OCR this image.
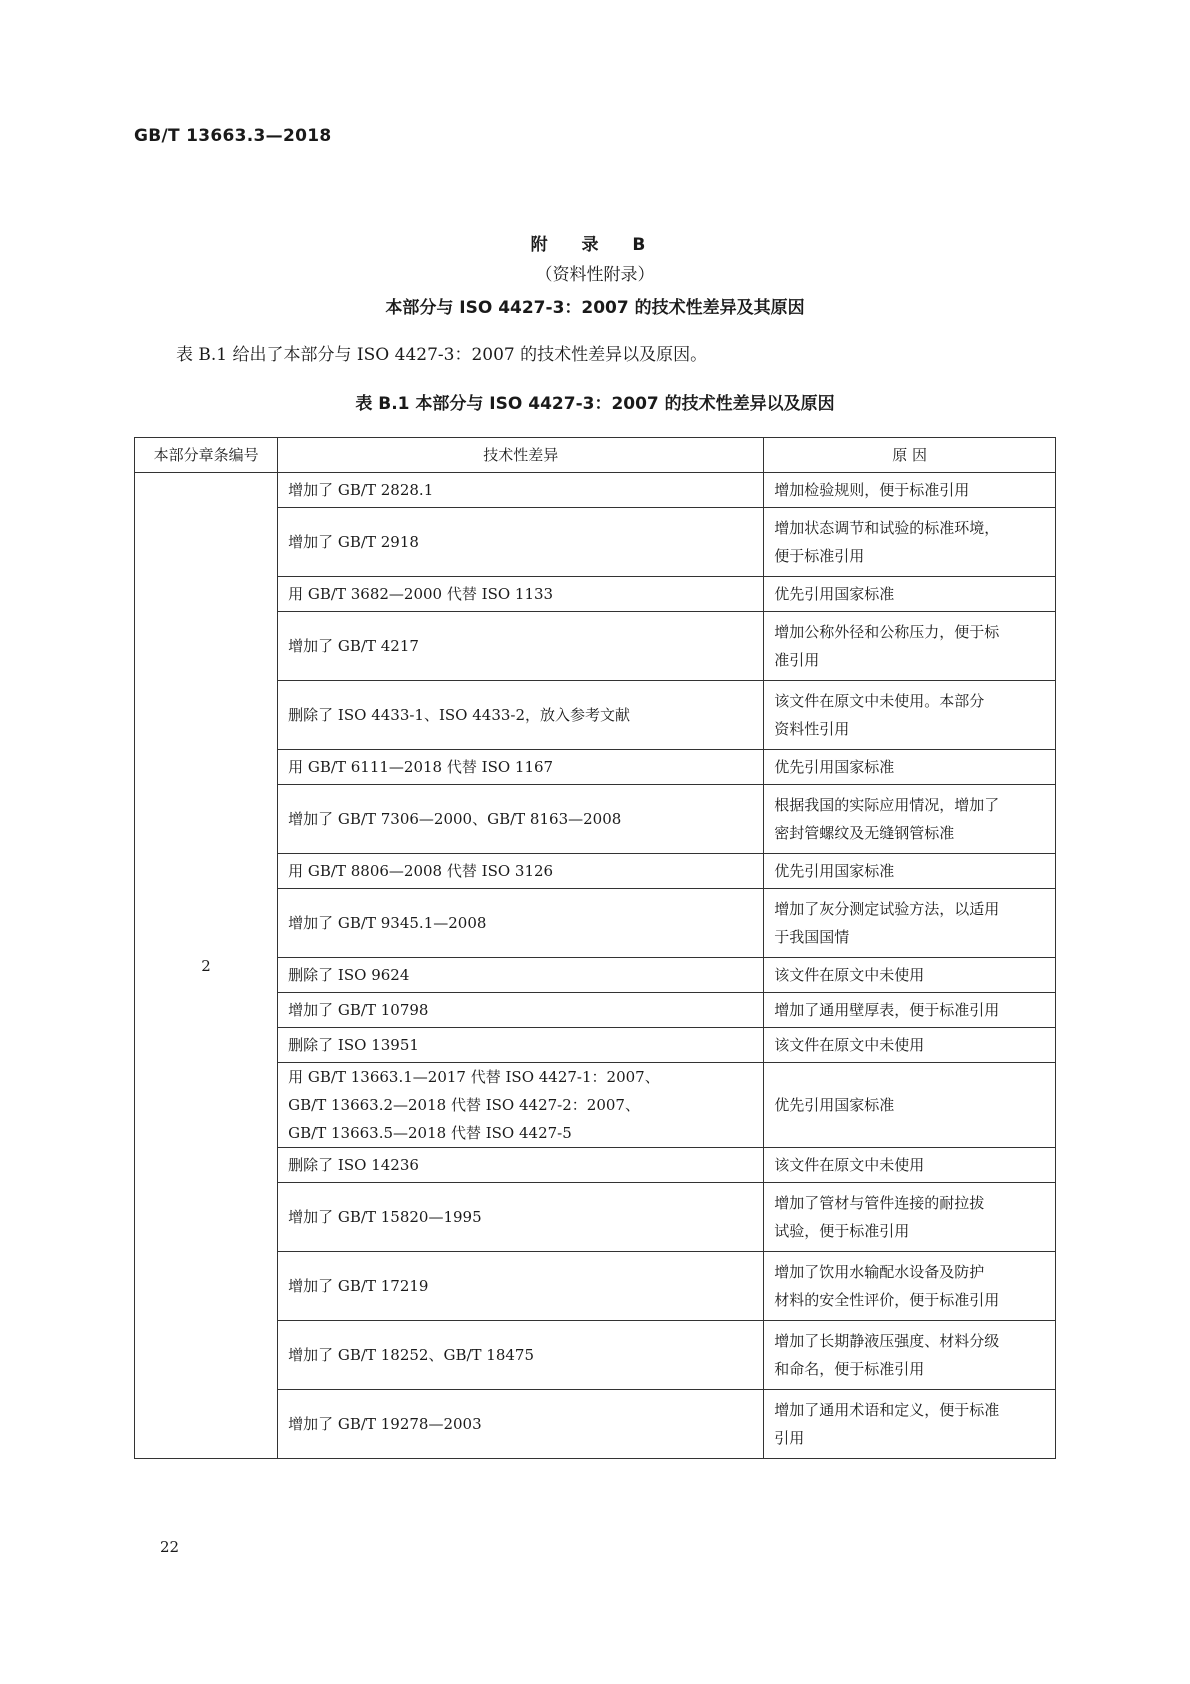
GB/T 13663.3—2018
附 录 B
（资料性附录）
本部分与 ISO 4427-3：2007 的技术性差异及其原因
表 B.1 给出了本部分与 ISO 4427-3：2007 的技术性差异以及原因。
表 B.1 本部分与 ISO 4427-3：2007 的技术性差异以及原因
本部分章条编号	技术性差异	原 因
2	增加了 GB/T 2828.1	增加检验规则，便于标准引用

	增加了 GB/T 2918	增加状态调节和试验的标准环境，
便于标准引用

	用 GB/T 3682—2000 代替 ISO 1133	优先引用国家标准

	增加了 GB/T 4217	增加公称外径和公称压力，便于标
准引用

	删除了 ISO 4433-1、ISO 4433-2，放入参考文献	该文件在原文中未使用。本部分
资料性引用

	用 GB/T 6111—2018 代替 ISO 1167	优先引用国家标准

	增加了 GB/T 7306—2000、GB/T 8163—2008	根据我国的实际应用情况，增加了
密封管螺纹及无缝钢管标准

	用 GB/T 8806—2008 代替 ISO 3126	优先引用国家标准

	增加了 GB/T 9345.1—2008	增加了灰分测定试验方法，以适用
于我国国情

	删除了 ISO 9624	该文件在原文中未使用

	增加了 GB/T 10798	增加了通用壁厚表，便于标准引用

	删除了 ISO 13951	该文件在原文中未使用

	用 GB/T 13663.1—2017 代替 ISO 4427-1：2007、
GB/T 13663.2—2018 代替 ISO 4427-2：2007、
GB/T 13663.5—2018 代替 ISO 4427-5	优先引用国家标准

	删除了 ISO 14236	该文件在原文中未使用

	增加了 GB/T 15820—1995	增加了管材与管件连接的耐拉拔
试验，便于标准引用

	增加了 GB/T 17219	增加了饮用水输配水设备及防护
材料的安全性评价，便于标准引用

	增加了 GB/T 18252、GB/T 18475	增加了长期静液压强度、材料分级
和命名，便于标准引用

	增加了 GB/T 19278—2003	增加了通用术语和定义，便于标准
引用
22
